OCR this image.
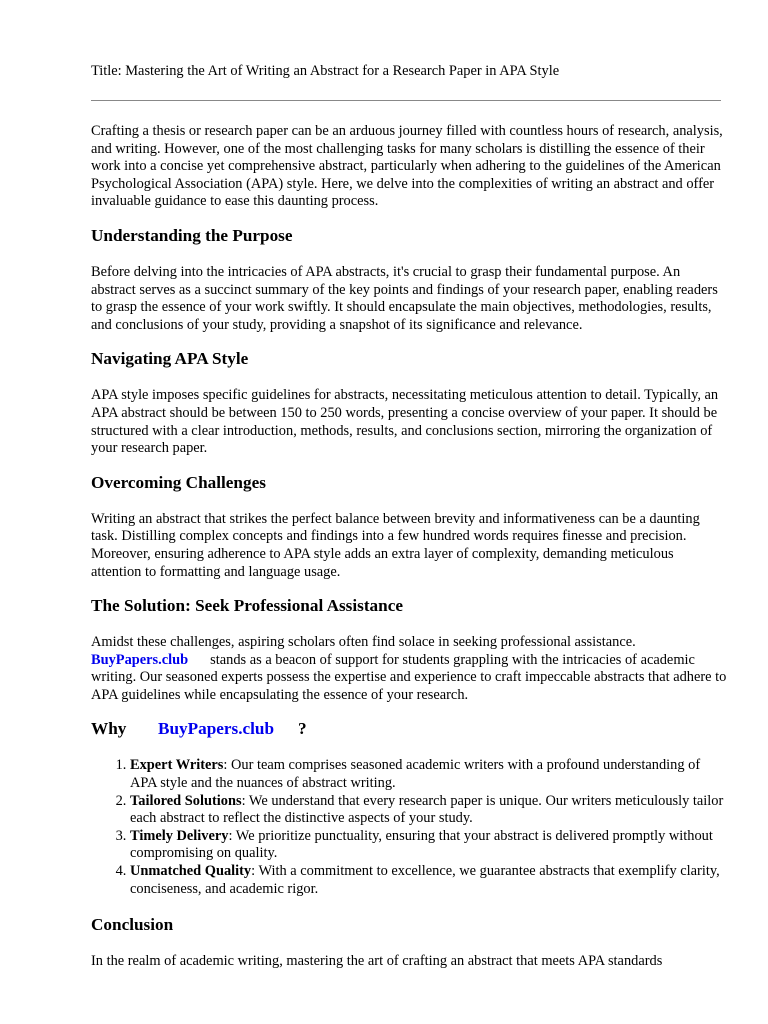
Title: Mastering the Art of Writing an Abstract for a Research Paper in APA Style

Crafting a thesis or research paper can be an arduous journey filled with countless hours of research, analysis, and writing. However, one of the most challenging tasks for many scholars is distilling the essence of their work into a concise yet comprehensive abstract, particularly when adhering to the guidelines of the American Psychological Association (APA) style. Here, we delve into the complexities of writing an abstract and offer invaluable guidance to ease this daunting process.

Understanding the Purpose

Before delving into the intricacies of APA abstracts, it's crucial to grasp their fundamental purpose. An abstract serves as a succinct summary of the key points and findings of your research paper, enabling readers to grasp the essence of your work swiftly. It should encapsulate the main objectives, methodologies, results, and conclusions of your study, providing a snapshot of its significance and relevance.

Navigating APA Style

APA style imposes specific guidelines for abstracts, necessitating meticulous attention to detail. Typically, an APA abstract should be between 150 to 250 words, presenting a concise overview of your paper. It should be structured with a clear introduction, methods, results, and conclusions section, mirroring the organization of your research paper.

Overcoming Challenges

Writing an abstract that strikes the perfect balance between brevity and informativeness can be a daunting task. Distilling complex concepts and findings into a few hundred words requires finesse and precision. Moreover, ensuring adherence to APA style adds an extra layer of complexity, demanding meticulous attention to formatting and language usage.

The Solution: Seek Professional Assistance

Amidst these challenges, aspiring scholars often find solace in seeking professional assistance.
BuyPapers.club stands as a beacon of support for students grappling with the intricacies of academic writing. Our seasoned experts possess the expertise and experience to craft impeccable abstracts that adhere to APA guidelines while encapsulating the essence of your research.

Why BuyPapers.club ?
1. Expert Writers: Our team comprises seasoned academic writers with a profound understanding of APA style and the nuances of abstract writing.
2. Tailored Solutions: We understand that every research paper is unique. Our writers meticulously tailor each abstract to reflect the distinctive aspects of your study.
3. Timely Delivery: We prioritize punctuality, ensuring that your abstract is delivered promptly without compromising on quality.
4. Unmatched Quality: With a commitment to excellence, we guarantee abstracts that exemplify clarity, conciseness, and academic rigor.
Conclusion

In the realm of academic writing, mastering the art of crafting an abstract that meets APA standards
